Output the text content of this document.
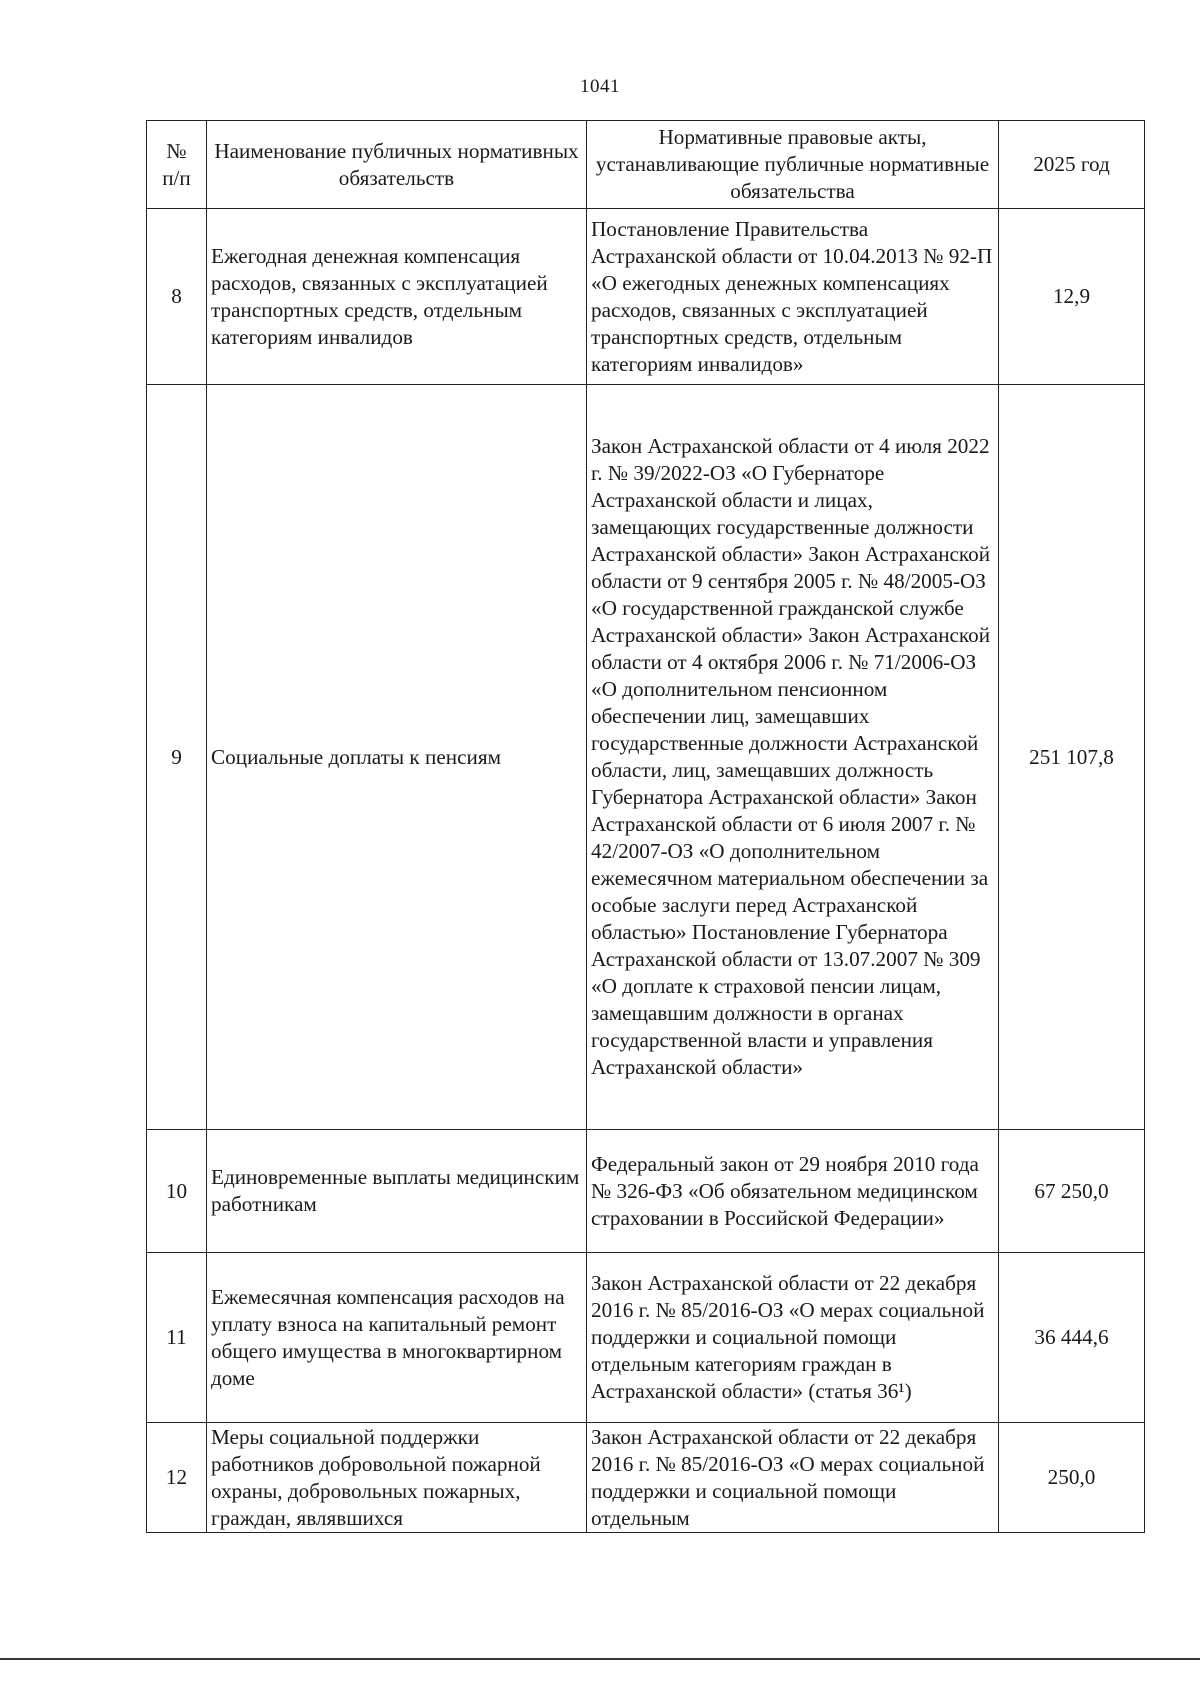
1041
№
п/п	Наименование публичных нормативных обязательств	Нормативные правовые акты, устанавливающие публичные нормативные обязательства	2025 год
8	Ежегодная денежная компенсация расходов, связанных с эксплуатацией транспортных средств, отдельным категориям инвалидов	Постановление Правительства Астраханской области от 10.04.2013 № 92-П «О ежегодных денежных компенсациях расходов, связанных с эксплуатацией транспортных средств, отдельным категориям инвалидов»	12,9
9	Социальные доплаты к пенсиям	Закон Астраханской области от 4 июля 2022 г. № 39/2022-ОЗ «О Губернаторе Астраханской области и лицах, замещающих государственные должности Астраханской области» Закон Астраханской области от 9 сентября 2005 г. № 48/2005-ОЗ «О государственной гражданской службе Астраханской области» Закон Астраханской области от 4 октября 2006 г. № 71/2006-ОЗ «О дополнительном пенсионном обеспечении лиц, замещавших государственные должности Астраханской области, лиц, замещавших должность Губернатора Астраханской области» Закон Астраханской области от 6 июля 2007 г. № 42/2007-ОЗ «О дополнительном ежемесячном материальном обеспечении за особые заслуги перед Астраханской областью» Постановление Губернатора Астраханской области от 13.07.2007 № 309 «О доплате к страховой пенсии лицам, замещавшим должности в органах государственной власти и управления Астраханской области»	251 107,8
10	Единовременные выплаты медицинским работникам	Федеральный закон от 29 ноября 2010 года № 326-ФЗ «Об обязательном медицинском страховании в Российской Федерации»	67 250,0
11	Ежемесячная компенсация расходов на уплату взноса на капитальный ремонт общего имущества в многоквартирном доме	Закон Астраханской области от 22 декабря 2016 г. № 85/2016-ОЗ «О мерах социальной поддержки и социальной помощи отдельным категориям граждан в Астраханской области» (статья 36¹)	36 444,6
12	Меры социальной поддержки работников добровольной пожарной охраны, добровольных пожарных, граждан, являвшихся	Закон Астраханской области от 22 декабря 2016 г. № 85/2016-ОЗ «О мерах социальной поддержки и социальной помощи отдельным	250,0
